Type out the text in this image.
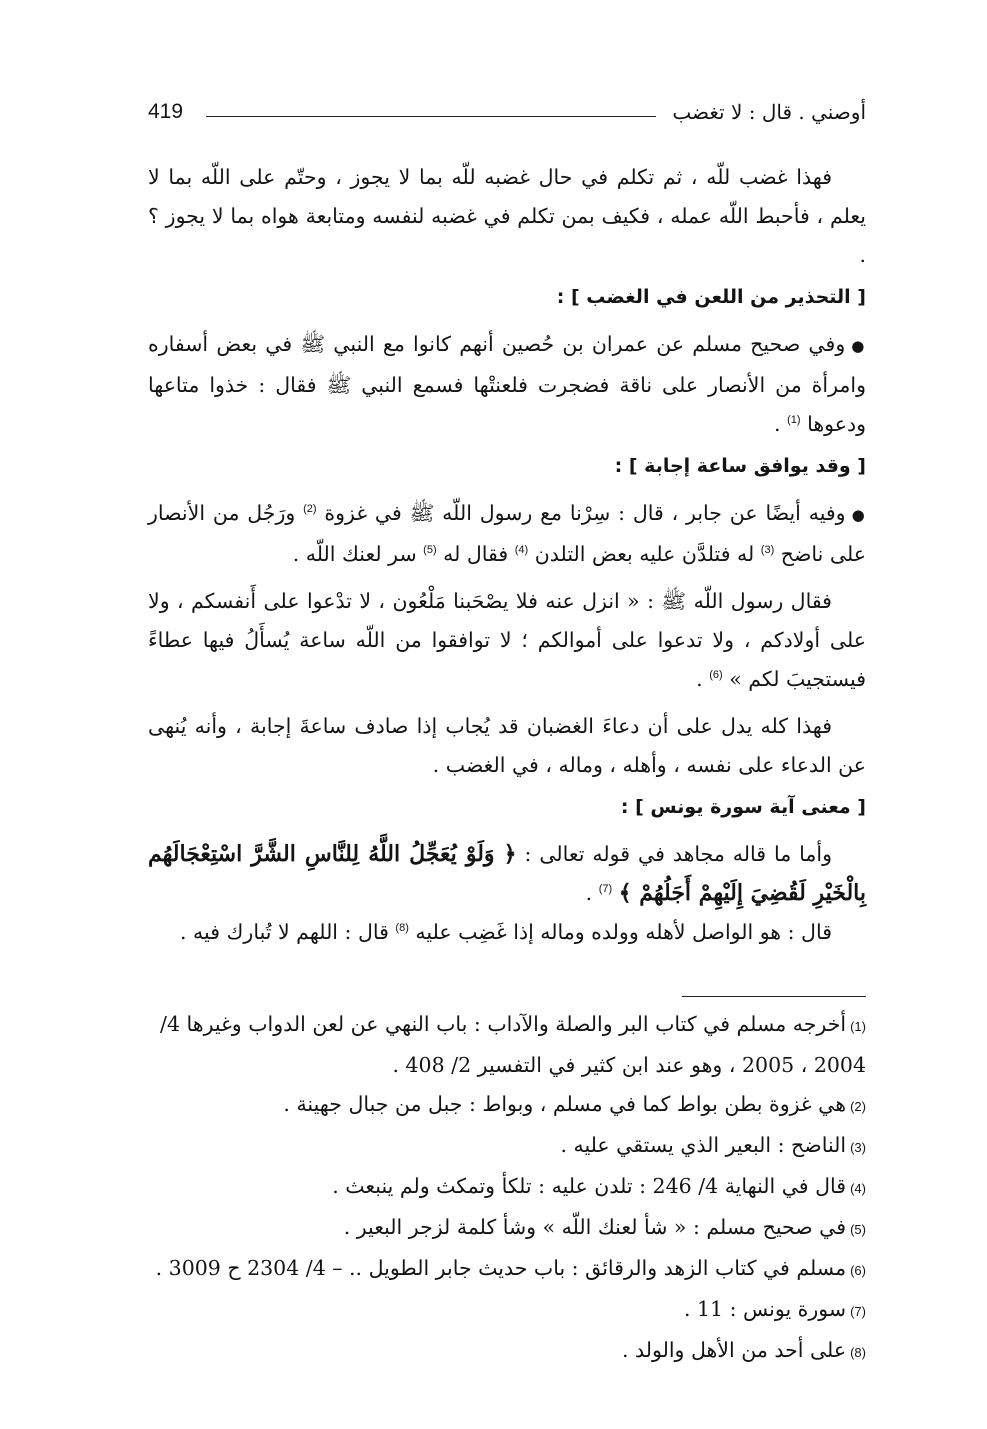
أوصني . قال : لا تغضب
419

فهذا غضب للّه ، ثم تكلم في حال غضبه للّه بما لا يجوز ، وحتّم على اللّه بما لا يعلم ، فأحبط اللّه عمله ، فكيف بمن تكلم في غضبه لنفسه ومتابعة هواه بما لا يجوز ؟ .

[ التحذير من اللعن في الغضب ] :

●وفي صحيح مسلم عن عمران بن حُصين أنهم كانوا مع النبي ﷺ في بعض أسفاره وامرأة من الأنصار على ناقة فضجرت فلعنتْها فسمع النبي ﷺ فقال : خذوا متاعها ودعوها $^{(1)}$ .

[ وقد يوافق ساعة إجابة ] :

●وفيه أيضًا عن جابر ، قال : سِرْنا مع رسول اللّه ﷺ في غزوة $^{(2)}$ ورَجُل من الأنصار على ناضح $^{(3)}$ له فتلدَّن عليه بعض التلدن $^{(4)}$ فقال له $^{(5)}$ سر لعنك اللّه .

فقال رسول اللّه ﷺ : « انزل عنه فلا يصْحَبنا مَلْعُون ، لا تدْعوا على أَنفسكم ، ولا على أولادكم ، ولا تدعوا على أموالكم ؛ لا توافقوا من اللّه ساعة يُسأَلُ فيها عطاءً فيستجيبَ لكم » $^{(6)}$ .

فهذا كله يدل على أن دعاءَ الغضبان قد يُجاب إذا صادف ساعةَ إجابة ، وأنه يُنهى عن الدعاء على نفسه ، وأهله ، وماله ، في الغضب .

[ معنى آية سورة يونس ] :

وأما ما قاله مجاهد في قوله تعالى : ﴿ وَلَوْ يُعَجِّلُ اللَّهُ لِلنَّاسِ الشَّرَّ اسْتِعْجَالَهُم بِالْخَيْرِ لَقُضِيَ إِلَيْهِمْ أَجَلُهُمْ ﴾ $^{(7)}$ .

قال : هو الواصل لأهله وولده وماله إذا غَضِب عليه $^{(8)}$ قال : اللهم لا تُبارك فيه .

(1)أخرجه مسلم في كتاب البر والصلة والآداب : باب النهي عن لعن الدواب وغيرها 4/ 2004 ، 2005 ، وهو عند ابن كثير في التفسير 2/ 408 .

(2)هي غزوة بطن بواط كما في مسلم ، وبواط : جبل من جبال جهينة .

(3)الناضح : البعير الذي يستقي عليه .

(4)قال في النهاية 4/ 246 : تلدن عليه : تلكأ وتمكث ولم ينبعث .

(5)في صحيح مسلم : « شأ لعنك اللّه » وشأ كلمة لزجر البعير .

(6)مسلم في كتاب الزهد والرقائق : باب حديث جابر الطويل .. – 4/ 2304 ح 3009 .

(7)سورة يونس : 11 .

(8)على أحد من الأهل والولد .
